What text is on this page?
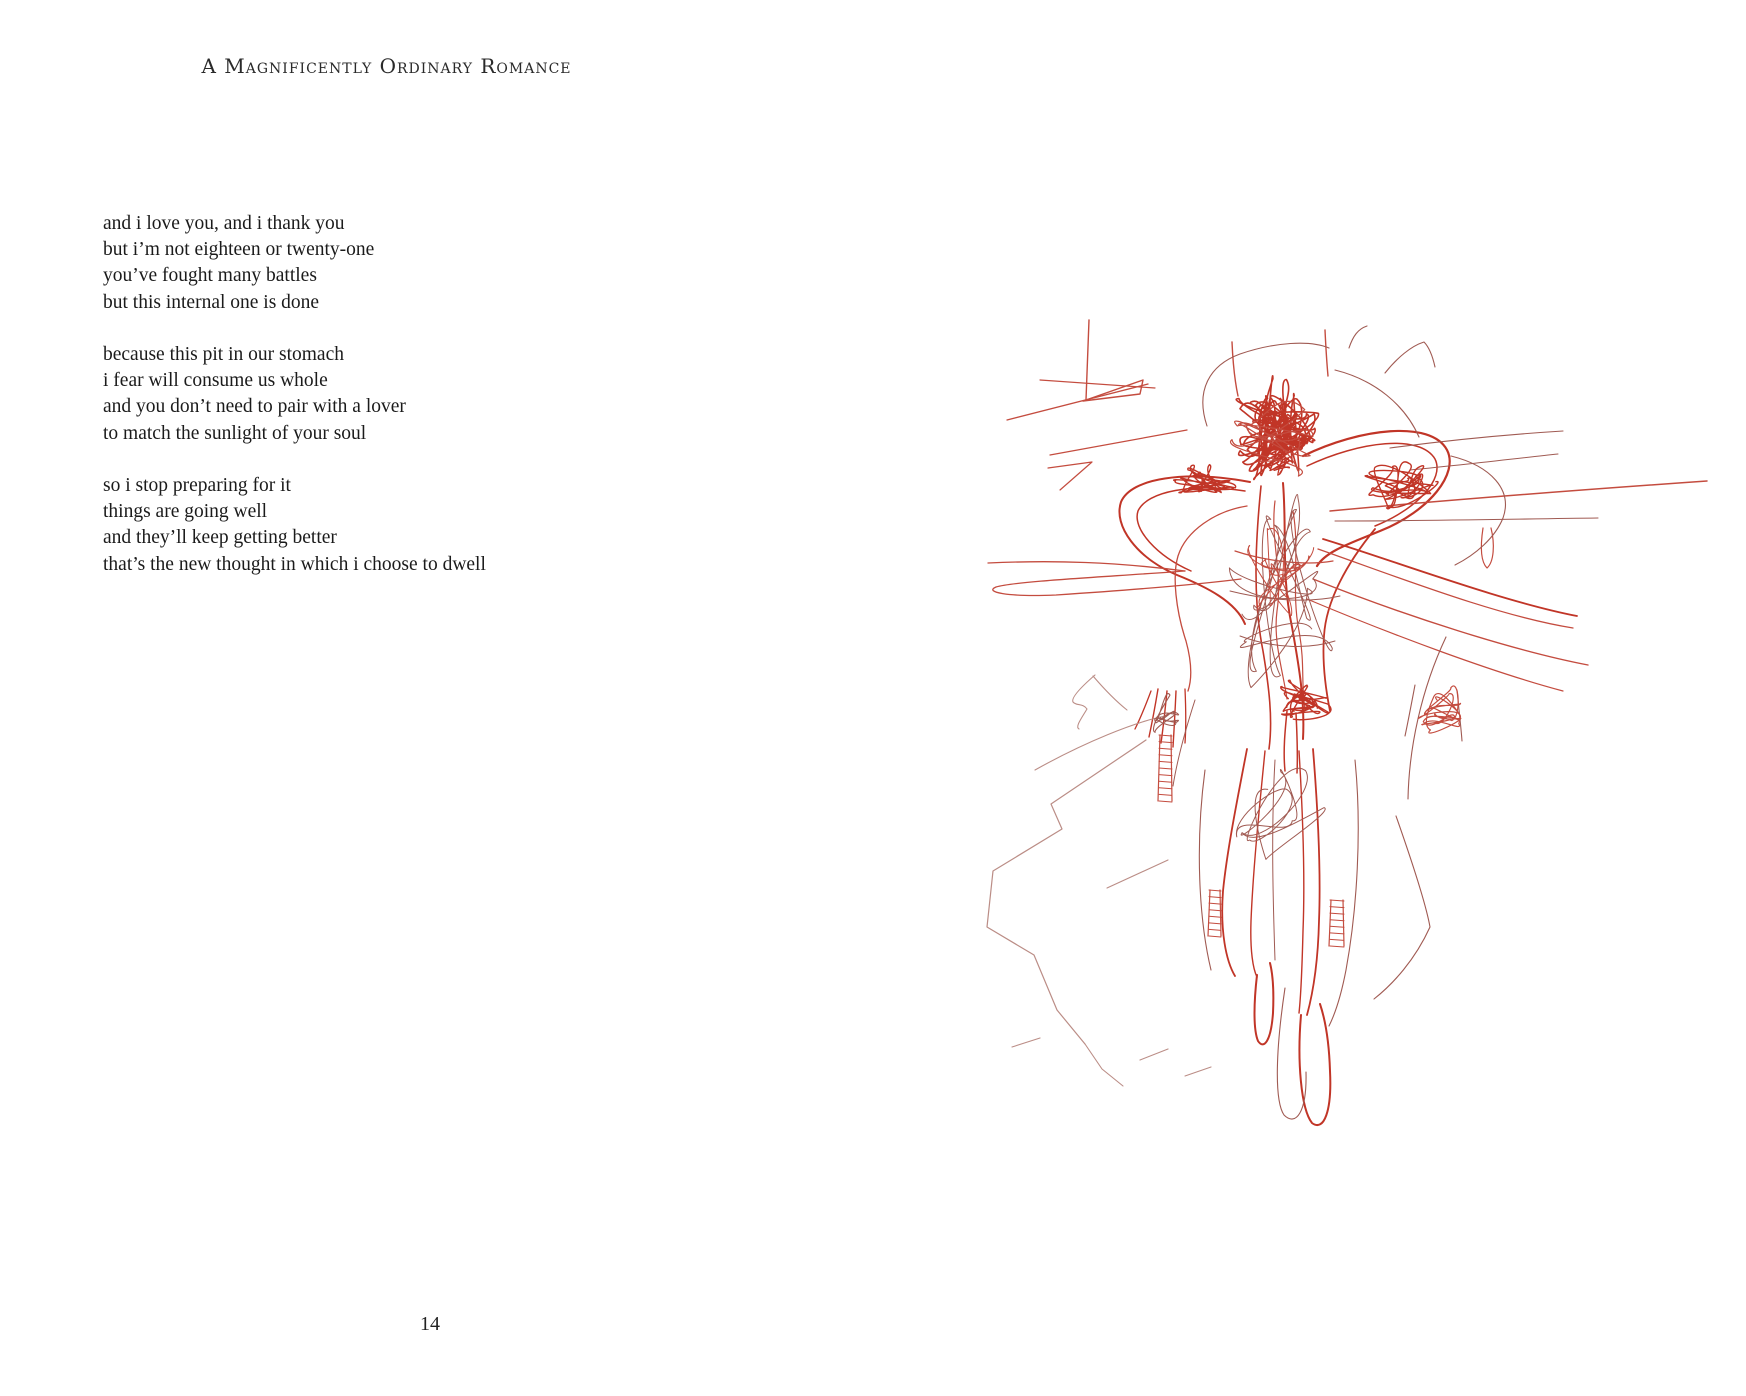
A Magnificently Ordinary Romance

and i love you, and i thank you
but i’m not eighteen or twenty-one
you’ve fought many battles
but this internal one is done

because this pit in our stomach
i fear will consume us whole
and you don’t need to pair with a lover
to match the sunlight of your soul

so i stop preparing for it
things are going well
and they’ll keep getting better
that’s the new thought in which i choose to dwell

14
